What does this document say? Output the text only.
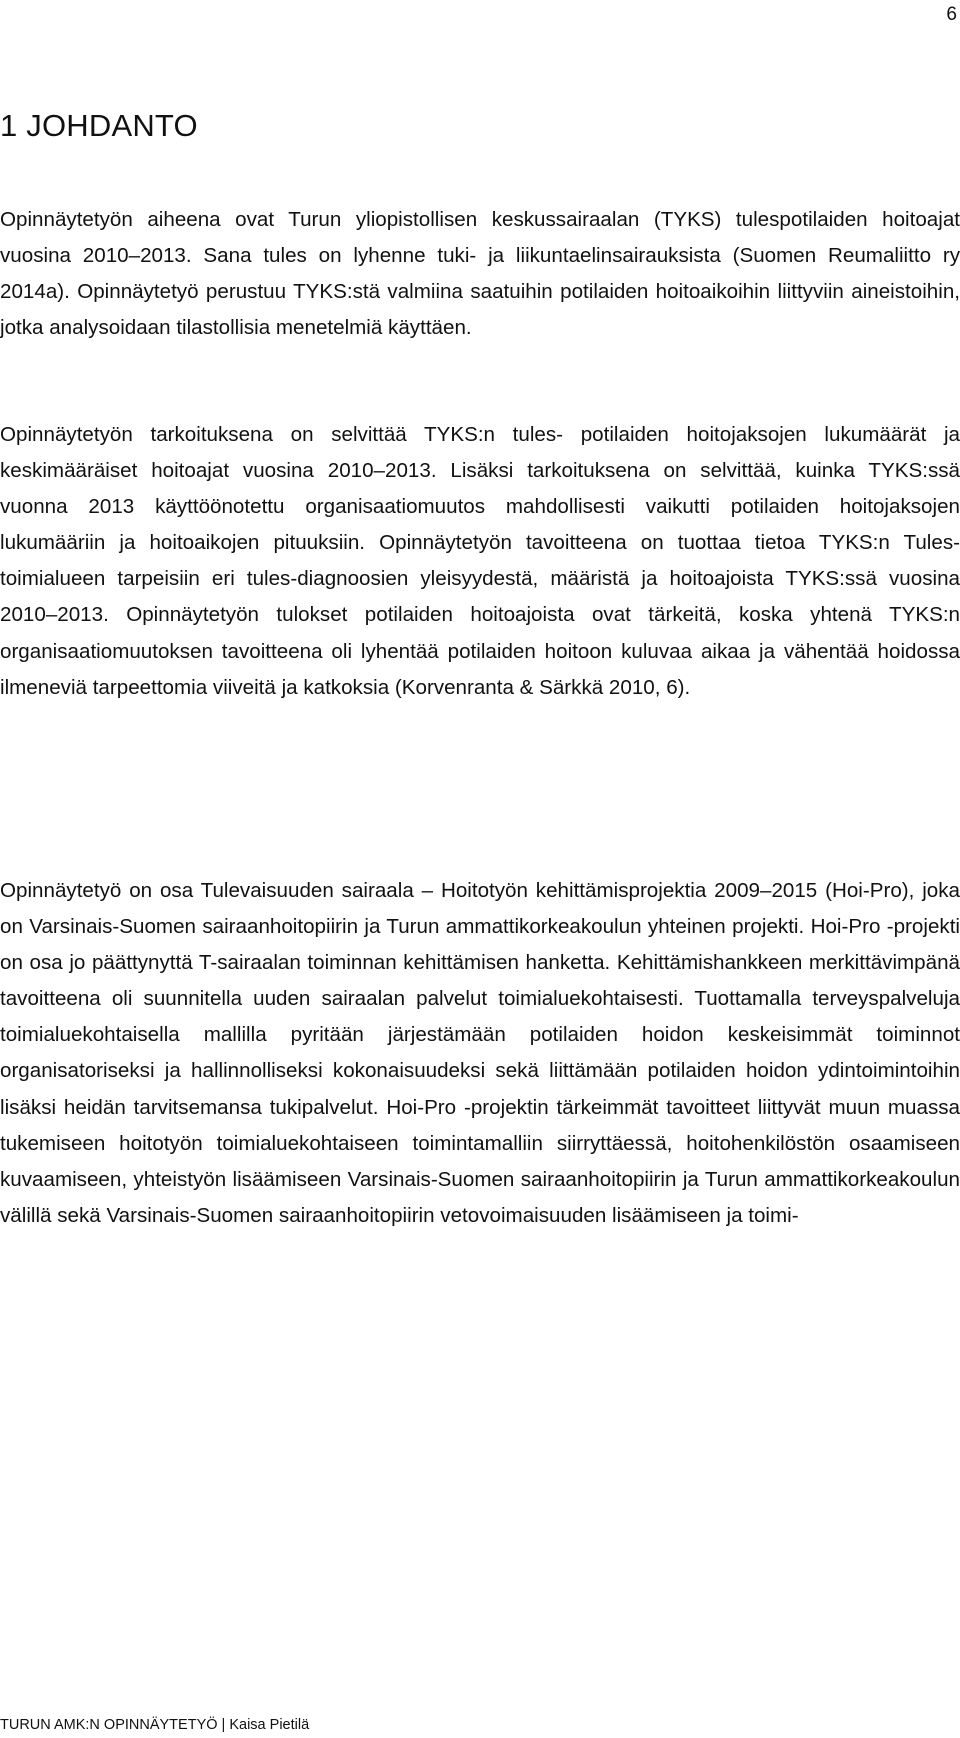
6
1 JOHDANTO

Opinnäytetyön aiheena ovat Turun yliopistollisen keskussairaalan (TYKS) tulespotilaiden hoitoajat vuosina 2010–2013. Sana tules on lyhenne tuki- ja liikuntaelinsairauksista (Suomen Reumaliitto ry 2014a). Opinnäytetyö perustuu TYKS:stä valmiina saatuihin potilaiden hoitoaikoihin liittyviin aineistoihin, jotka analysoidaan tilastollisia menetelmiä käyttäen.

Opinnäytetyön tarkoituksena on selvittää TYKS:n tules- potilaiden hoitojaksojen lukumäärät ja keskimääräiset hoitoajat vuosina 2010–2013. Lisäksi tarkoituksena on selvittää, kuinka TYKS:ssä vuonna 2013 käyttöönotettu organisaatiomuutos mahdollisesti vaikutti potilaiden hoitojaksojen lukumääriin ja hoitoaikojen pituuksiin. Opinnäytetyön tavoitteena on tuottaa tietoa TYKS:n Tulestoimialueen tarpeisiin eri tules-diagnoosien yleisyydestä, määristä ja hoitoajoista TYKS:ssä vuosina 2010–2013. Opinnäytetyön tulokset potilaiden hoitoajoista ovat tärkeitä, koska yhtenä TYKS:n organisaatiomuutoksen tavoitteena oli lyhentää potilaiden hoitoon kuluvaa aikaa ja vähentää hoidossa ilmeneviä tarpeettomia viiveitä ja katkoksia (Korvenranta & Särkkä 2010, 6).

Opinnäytetyö on osa Tulevaisuuden sairaala – Hoitotyön kehittämisprojektia 2009–2015 (Hoi-Pro), joka on Varsinais-Suomen sairaanhoitopiirin ja Turun ammattikorkeakoulun yhteinen projekti. Hoi-Pro -projekti on osa jo päättynyttä T-sairaalan toiminnan kehittämisen hanketta. Kehittämishankkeen merkittävimpänä tavoitteena oli suunnitella uuden sairaalan palvelut toimialuekohtaisesti. Tuottamalla terveyspalveluja toimialuekohtaisella mallilla pyritään järjestämään potilaiden hoidon keskeisimmät toiminnot organisatoriseksi ja hallinnolliseksi kokonaisuudeksi sekä liittämään potilaiden hoidon ydintoimintoihin lisäksi heidän tarvitsemansa tukipalvelut. Hoi-Pro -projektin tärkeimmät tavoitteet liittyvät muun muassa tukemiseen hoitotyön toimialuekohtaiseen toimintamalliin siirryttäessä, hoitohenkilöstön osaamiseen kuvaamiseen, yhteistyön lisäämiseen Varsinais-Suomen sairaanhoitopiirin ja Turun ammattikorkeakoulun välillä sekä Varsinais-Suomen sairaanhoitopiirin vetovoimaisuuden lisäämiseen ja toimi-

TURUN AMK:N OPINNÄYTETYÖ | Kaisa Pietilä
